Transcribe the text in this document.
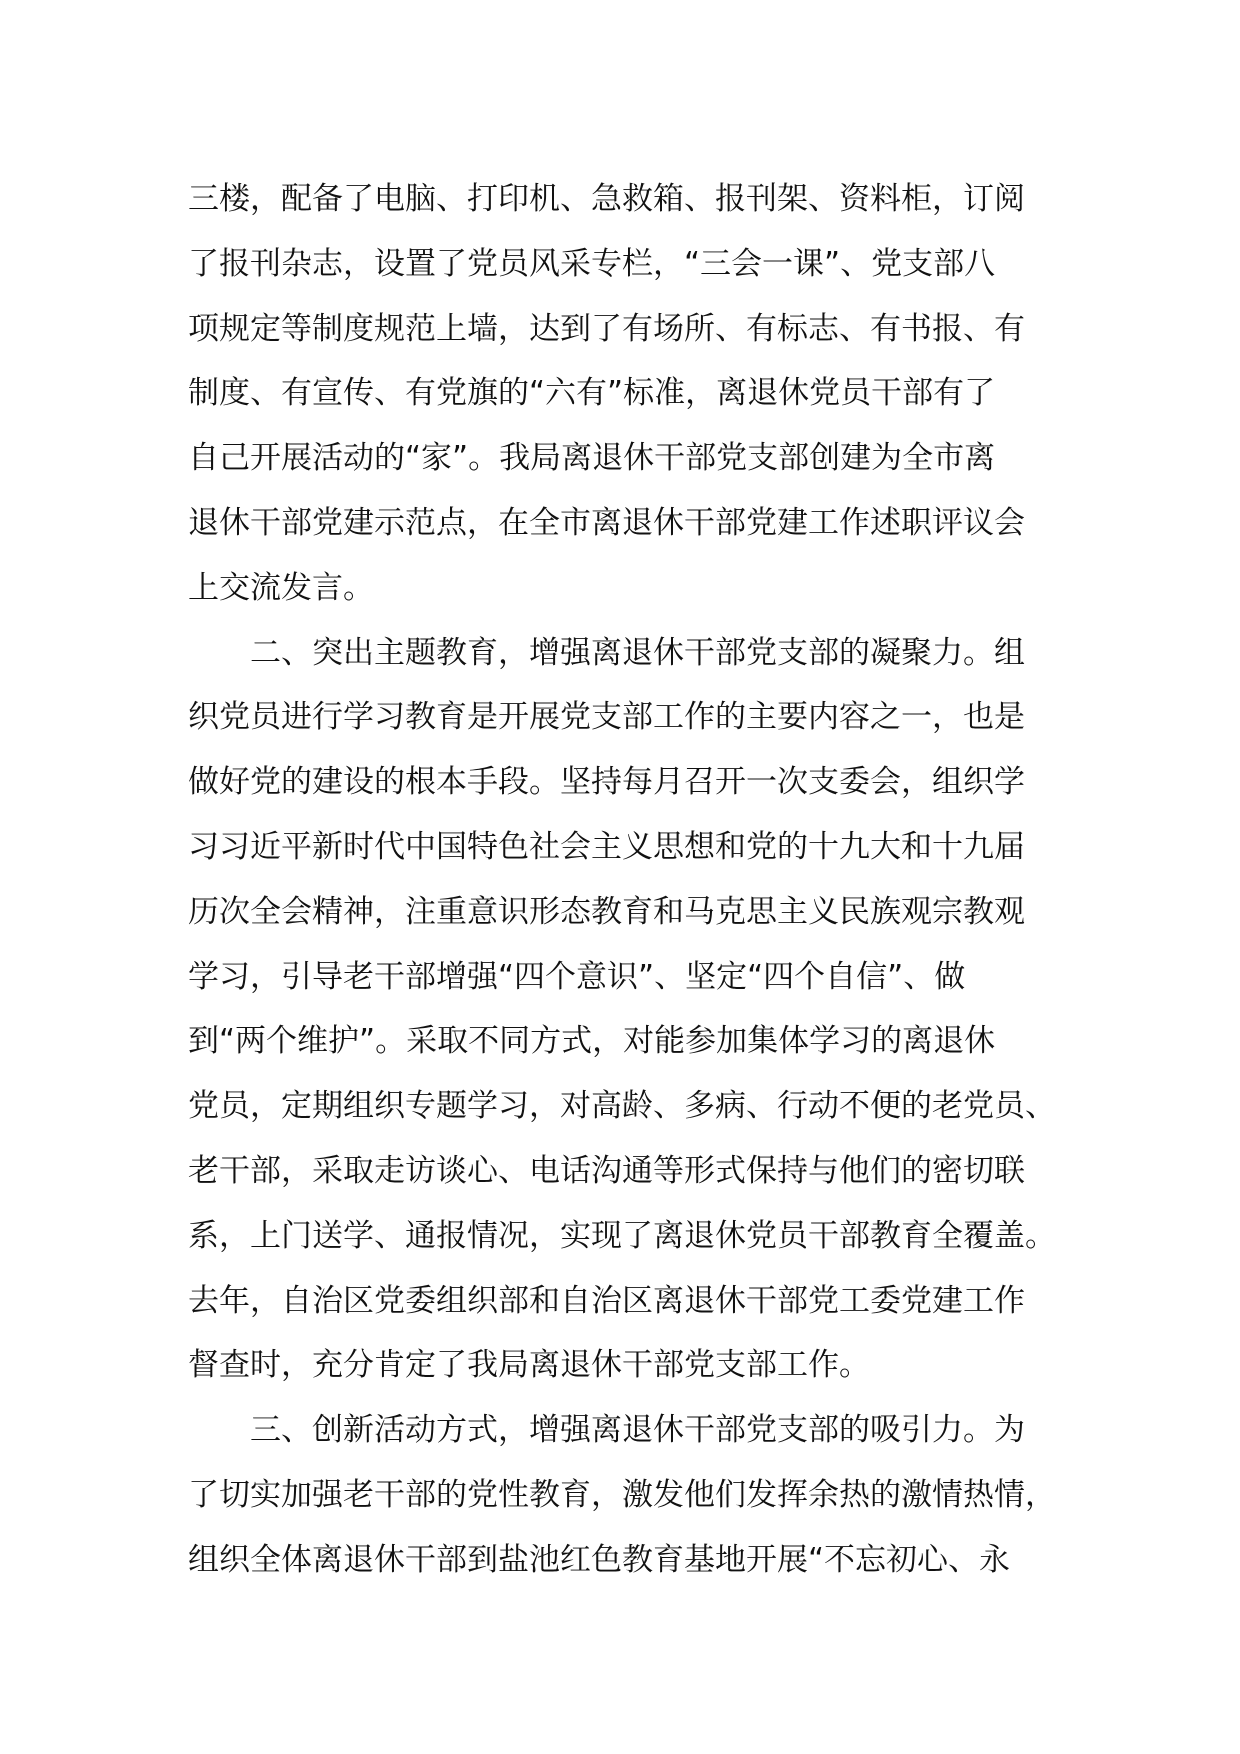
三楼，配备了电脑、打印机、急救箱、报刊架、资料柜，订阅
了报刊杂志，设置了党员风采专栏，“三会一课”、党支部八
项规定等制度规范上墙，达到了有场所、有标志、有书报、有
制度、有宣传、有党旗的“六有”标准，离退休党员干部有了
自己开展活动的“家”。我局离退休干部党支部创建为全市离
退休干部党建示范点，在全市离退休干部党建工作述职评议会
上交流发言。

　　二、突出主题教育，增强离退休干部党支部的凝聚力。组
织党员进行学习教育是开展党支部工作的主要内容之一，也是
做好党的建设的根本手段。坚持每月召开一次支委会，组织学
习习近平新时代中国特色社会主义思想和党的十九大和十九届
历次全会精神，注重意识形态教育和马克思主义民族观宗教观
学习，引导老干部增强“四个意识”、坚定“四个自信”、做
到“两个维护”。采取不同方式，对能参加集体学习的离退休
党员，定期组织专题学习，对高龄、多病、行动不便的老党员、
老干部，采取走访谈心、电话沟通等形式保持与他们的密切联
系，上门送学、通报情况，实现了离退休党员干部教育全覆盖。
去年，自治区党委组织部和自治区离退休干部党工委党建工作
督查时，充分肯定了我局离退休干部党支部工作。

　　三、创新活动方式，增强离退休干部党支部的吸引力。为
了切实加强老干部的党性教育，激发他们发挥余热的激情热情，
组织全体离退休干部到盐池红色教育基地开展“不忘初心、永
